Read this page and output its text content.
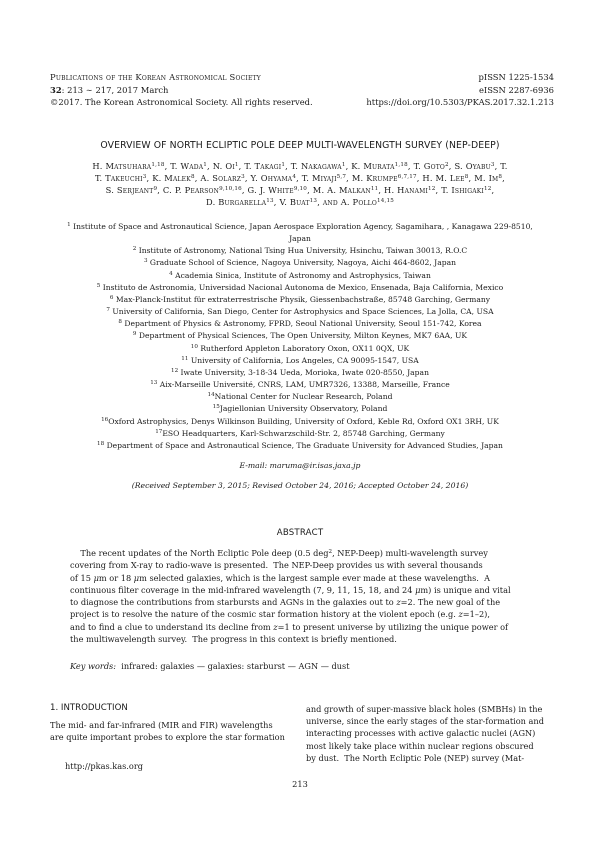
Publications of the Korean Astronomical Society	pISSN 1225-1534
32: 213 ∼ 217, 2017 March	eISSN 2287-6936
©2017. The Korean Astronomical Society. All rights reserved.	https://doi.org/10.5303/PKAS.2017.32.1.213
OVERVIEW OF NORTH ECLIPTIC POLE DEEP MULTI-WAVELENGTH SURVEY (NEP-DEEP)
H. Matsuhara$^{1,18}$, T. Wada$^1$, N. Oi$^1$, T. Takagi$^1$, T. Nakagawa$^1$, K. Murata$^{1,18}$, T. Goto$^2$, S. Oyabu$^3$, T.
T. Takeuchi$^3$, K. Malek$^8$, A. Solarz$^3$, Y. Ohyama$^4$, T. Miyaji$^{5,7}$, M. Krumpe$^{6,7,17}$, H. M. Lee$^8$, M. Im$^8$,
S. Serjeant$^9$, C. P. Pearson$^{9,10,16}$, G. J. White$^{9,10}$, M. A. Malkan$^{11}$, H. Hanami$^{12}$, T. Ishigaki$^{12}$,
D. Burgarella$^{13}$, V. Buat$^{13}$, and A. Pollo$^{14,15}$
$^1$ Institute of Space and Astronautical Science, Japan Aerospace Exploration Agency, Sagamihara, , Kanagawa 229-8510,
Japan
$^2$ Institute of Astronomy, National Tsing Hua University, Hsinchu, Taiwan 30013, R.O.C
$^3$ Graduate School of Science, Nagoya University, Nagoya, Aichi 464-8602, Japan
$^4$ Academia Sinica, Institute of Astronomy and Astrophysics, Taiwan
$^5$ Instituto de Astronomia, Universidad Nacional Autonoma de Mexico, Ensenada, Baja California, Mexico
$^6$ Max-Planck-Institut für extraterrestrische Physik, Giessenbachstraße, 85748 Garching, Germany
$^7$ University of California, San Diego, Center for Astrophysics and Space Sciences, La Jolla, CA, USA
$^8$ Department of Physics & Astronomy, FPRD, Seoul National University, Seoul 151-742, Korea
$^9$ Department of Physical Sciences, The Open University, Milton Keynes, MK7 6AA, UK
$^{10}$ Rutherford Appleton Laboratory Oxon, OX11 0QX, UK
$^{11}$ University of California, Los Angeles, CA 90095-1547, USA
$^{12}$ Iwate University, 3-18-34 Ueda, Morioka, Iwate 020-8550, Japan
$^{13}$ Aix-Marseille Université, CNRS, LAM, UMR7326, 13388, Marseille, France
$^{14}$National Center for Nuclear Research, Poland
$^{15}$Jagiellonian University Observatory, Poland
$^{16}$Oxford Astrophysics, Denys Wilkinson Building, University of Oxford, Keble Rd, Oxford OX1 3RH, UK
$^{17}$ESO Headquarters, Karl-Schwarzschild-Str. 2, 85748 Garching, Germany
$^{18}$ Department of Space and Astronautical Science, The Graduate University for Advanced Studies, Japan
E-mail: maruma@ir.isas.jaxa.jp
(Received September 3, 2015; Revised October 24, 2016; Accepted October 24, 2016)
ABSTRACT
The recent updates of the North Ecliptic Pole deep (0.5 deg$^2$, NEP-Deep) multi-wavelength survey
covering from X-ray to radio-wave is presented.  The NEP-Deep provides us with several thousands
of 15 μm or 18 μm selected galaxies, which is the largest sample ever made at these wavelengths.  A
continuous filter coverage in the mid-infrared wavelength (7, 9, 11, 15, 18, and 24 μm) is unique and vital
to diagnose the contributions from starbursts and AGNs in the galaxies out to z=2. The new goal of the
project is to resolve the nature of the cosmic star formation history at the violent epoch (e.g. z=1–2),
and to find a clue to understand its decline from z=1 to present universe by utilizing the unique power of
the multiwavelength survey.  The progress in this context is briefly mentioned.
Key words: infrared: galaxies — galaxies: starburst — AGN — dust
1. INTRODUCTION
The mid- and far-infrared (MIR and FIR) wavelengths
are quite important probes to explore the star formation
and growth of super-massive black holes (SMBHs) in the
universe, since the early stages of the star-formation and
interacting processes with active galactic nuclei (AGN)
most likely take place within nuclear regions obscured
by dust.  The North Ecliptic Pole (NEP) survey (Mat-
http://pkas.kas.org
213
